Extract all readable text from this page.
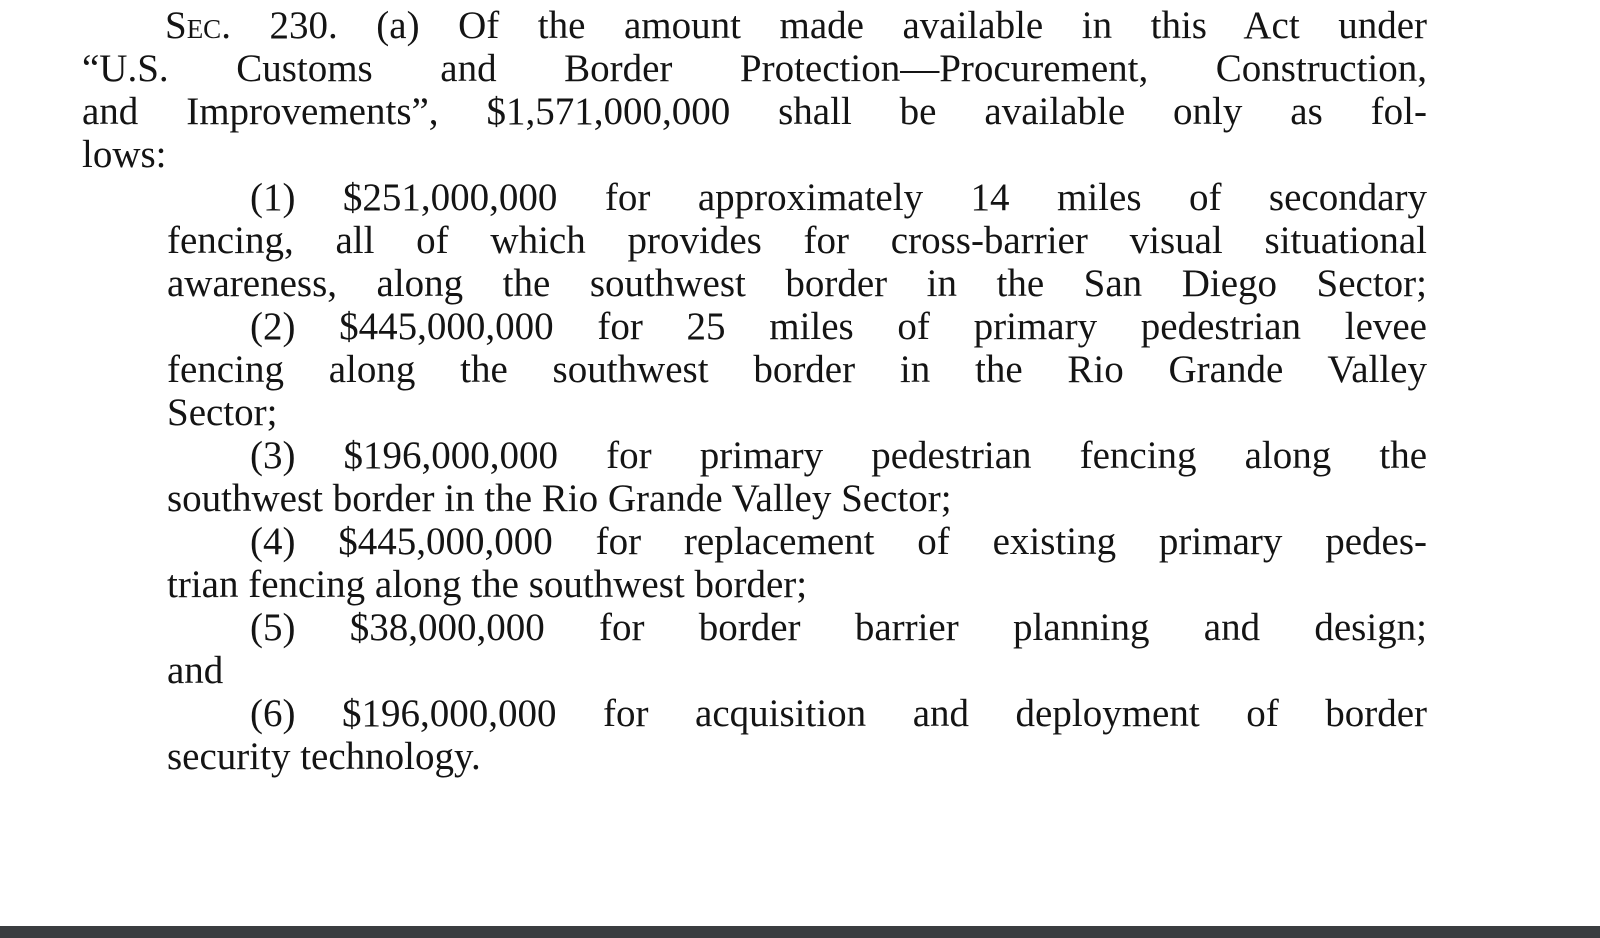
Sec. 230. (a) Of the amount made available in this Act under
“U.S. Customs and Border Protection—Procurement, Construction,
and Improvements”, $1,571,000,000 shall be available only as fol-
lows:
(1) $251,000,000 for approximately 14 miles of secondary
fencing, all of which provides for cross-barrier visual situational
awareness, along the southwest border in the San Diego Sector;
(2) $445,000,000 for 25 miles of primary pedestrian levee
fencing along the southwest border in the Rio Grande Valley
Sector;
(3) $196,000,000 for primary pedestrian fencing along the
southwest border in the Rio Grande Valley Sector;
(4) $445,000,000 for replacement of existing primary pedes-
trian fencing along the southwest border;
(5) $38,000,000 for border barrier planning and design;
and
(6) $196,000,000 for acquisition and deployment of border
security technology.
